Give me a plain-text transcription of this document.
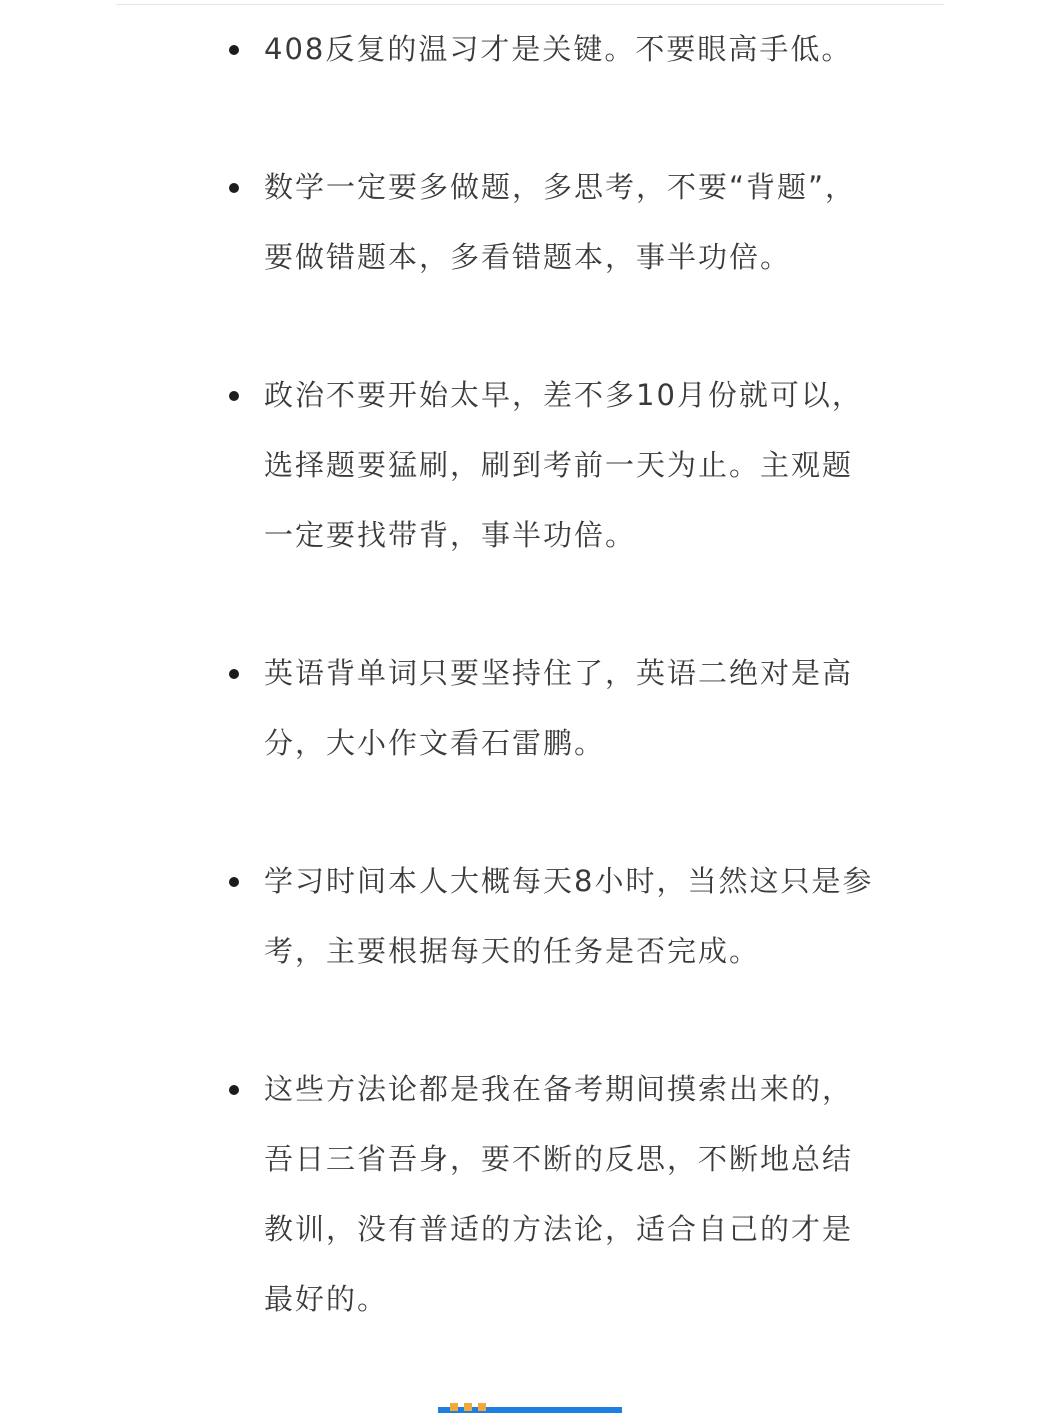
408反复的温习才是关键。不要眼高手低。
数学一定要多做题，多思考，不要“背题”，要做错题本，多看错题本，事半功倍。
政治不要开始太早，差不多10月份就可以，选择题要猛刷，刷到考前一天为止。主观题一定要找带背，事半功倍。
英语背单词只要坚持住了，英语二绝对是高分，大小作文看石雷鹏。
学习时间本人大概每天8小时，当然这只是参考，主要根据每天的任务是否完成。
这些方法论都是我在备考期间摸索出来的，吾日三省吾身，要不断的反思，不断地总结教训，没有普适的方法论，适合自己的才是最好的。
